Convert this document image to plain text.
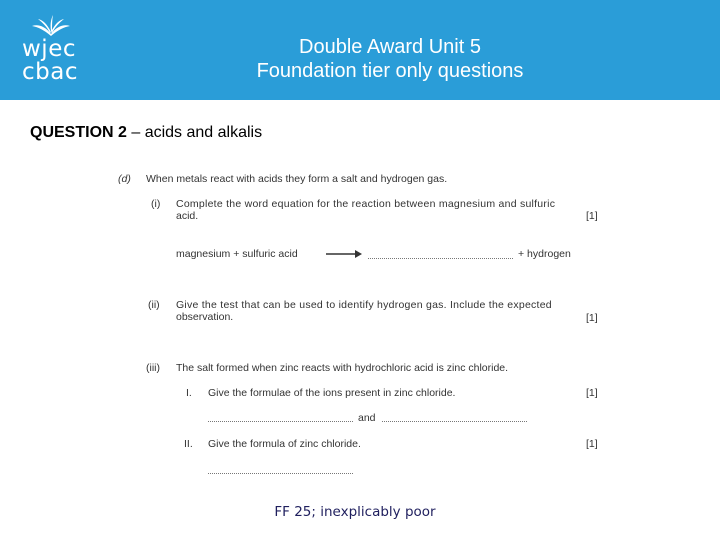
wjec
cbac
Double Award Unit 5
Foundation tier only questions
QUESTION 2 – acids and alkalis
(d) When metals react with acids they form a salt and hydrogen gas.
(i) Complete the word equation for the reaction between magnesium and sulfuric
acid.	[1]
magnesium + sulfuric acid	+ hydrogen
(ii) Give the test that can be used to identify hydrogen gas. Include the expected
observation.	[1]
(iii) The salt formed when zinc reacts with hydrochloric acid is zinc chloride.
I. Give the formulae of the ions present in zinc chloride.	[1]
and
II. Give the formula of zinc chloride.	[1]
FF 25; inexplicably poor
